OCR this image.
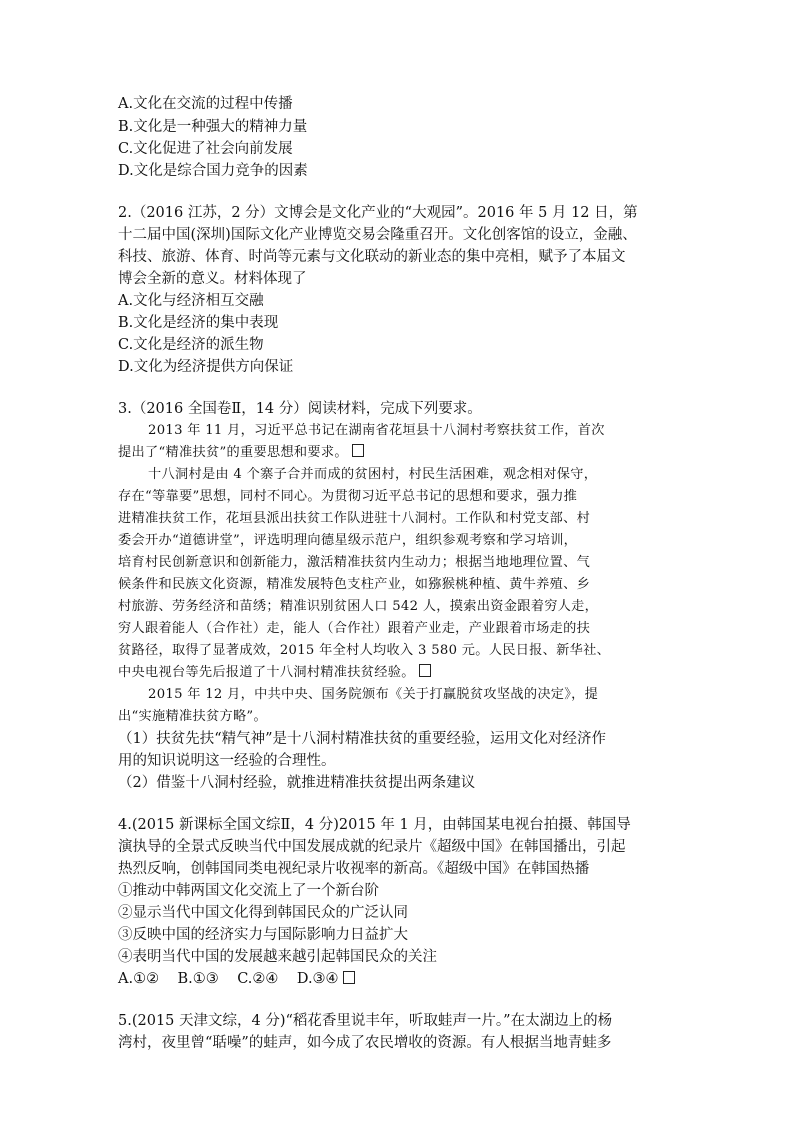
A.文化在交流的过程中传播
B.文化是一种强大的精神力量
C.文化促进了社会向前发展
D.文化是综合国力竞争的因素
2.（2016 江苏，2 分）文博会是文化产业的“大观园”。2016 年 5 月 12 日，第
十二届中国(深圳)国际文化产业博览交易会隆重召开。文化创客馆的设立，金融、
科技、旅游、体育、时尚等元素与文化联动的新业态的集中亮相，赋予了本届文
博会全新的意义。材料体现了
A.文化与经济相互交融
B.文化是经济的集中表现
C.文化是经济的派生物
D.文化为经济提供方向保证
3.（2016 全国卷Ⅱ，14 分）阅读材料，完成下列要求。
2013 年 11 月，习近平总书记在湖南省花垣县十八洞村考察扶贫工作，首次
提出了“精准扶贫”的重要思想和要求。
十八洞村是由 4 个寨子合并而成的贫困村，村民生活困难，观念相对保守，
存在“等靠要”思想，同村不同心。为贯彻习近平总书记的思想和要求，强力推
进精准扶贫工作，花垣县派出扶贫工作队进驻十八洞村。工作队和村党支部、村
委会开办“道德讲堂”，评选明理向德星级示范户，组织参观考察和学习培训，
培育村民创新意识和创新能力，激活精准扶贫内生动力；根据当地地理位置、气
候条件和民族文化资源，精准发展特色支柱产业，如猕猴桃种植、黄牛养殖、乡
村旅游、劳务经济和苗绣；精准识别贫困人口 542 人，摸索出资金跟着穷人走，
穷人跟着能人（合作社）走，能人（合作社）跟着产业走，产业跟着市场走的扶
贫路径，取得了显著成效，2015 年全村人均收入 3 580 元。人民日报、新华社、
中央电视台等先后报道了十八洞村精准扶贫经验。
2015 年 12 月，中共中央、国务院颁布《关于打赢脱贫攻坚战的决定》，提
出“实施精准扶贫方略”。
（1）扶贫先扶“精气神”是十八洞村精准扶贫的重要经验，运用文化对经济作
用的知识说明这一经验的合理性。
（2）借鉴十八洞村经验，就推进精准扶贫提出两条建议
4.(2015 新课标全国文综Ⅱ，4 分)2015 年 1 月，由韩国某电视台拍摄、韩国导
演执导的全景式反映当代中国发展成就的纪录片《超级中国》在韩国播出，引起
热烈反响，创韩国同类电视纪录片收视率的新高。《超级中国》在韩国热播
①推动中韩两国文化交流上了一个新台阶
②显示当代中国文化得到韩国民众的广泛认同
③反映中国的经济实力与国际影响力日益扩大
④表明当代中国的发展越来越引起韩国民众的关注
A.①②    B.①③    C.②④    D.③④
5.(2015 天津文综，4 分)“稻花香里说丰年，听取蛙声一片。”在太湖边上的杨
湾村，夜里曾“聒噪”的蛙声，如今成了农民增收的资源。有人根据当地青蛙多
